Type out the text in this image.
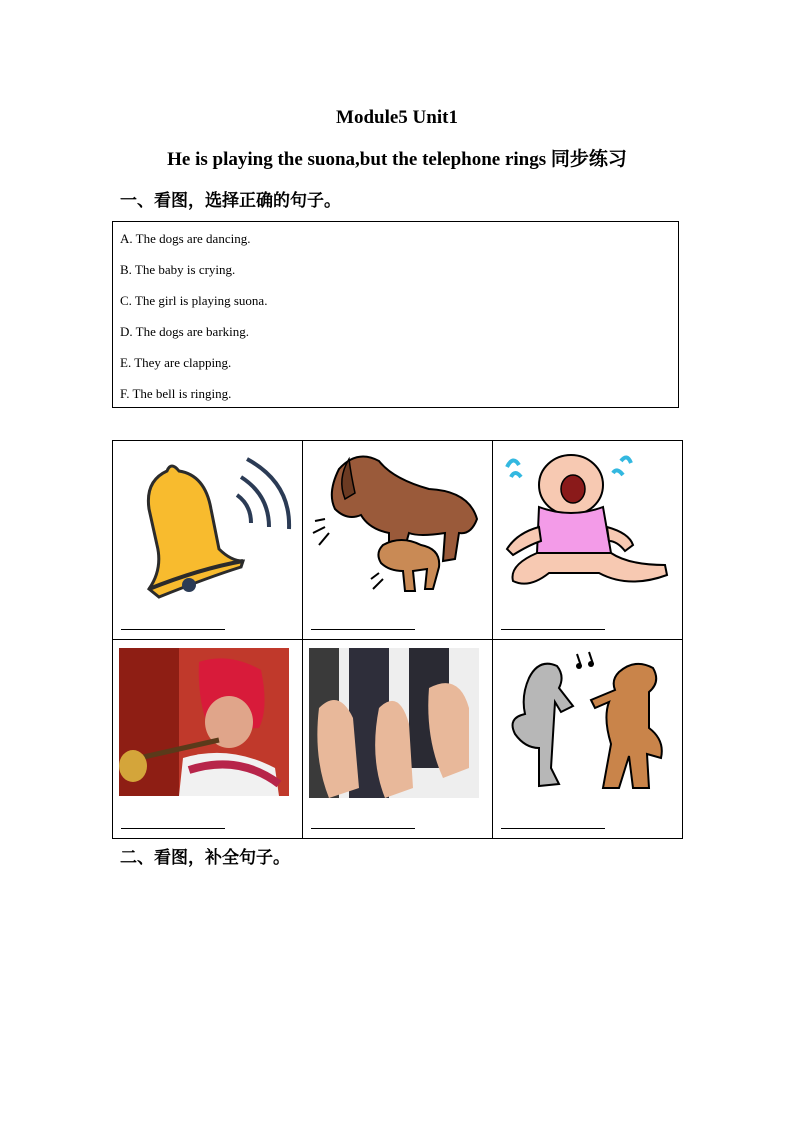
Module5 Unit1
He is playing the suona,but the telephone rings 同步练习
一、看图，选择正确的句子。
A. The dogs are dancing.
B. The baby is crying.
C. The girl is playing suona.
D. The dogs are barking.
E. They are clapping.
F. The bell is ringing.

二、看图，补全句子。
